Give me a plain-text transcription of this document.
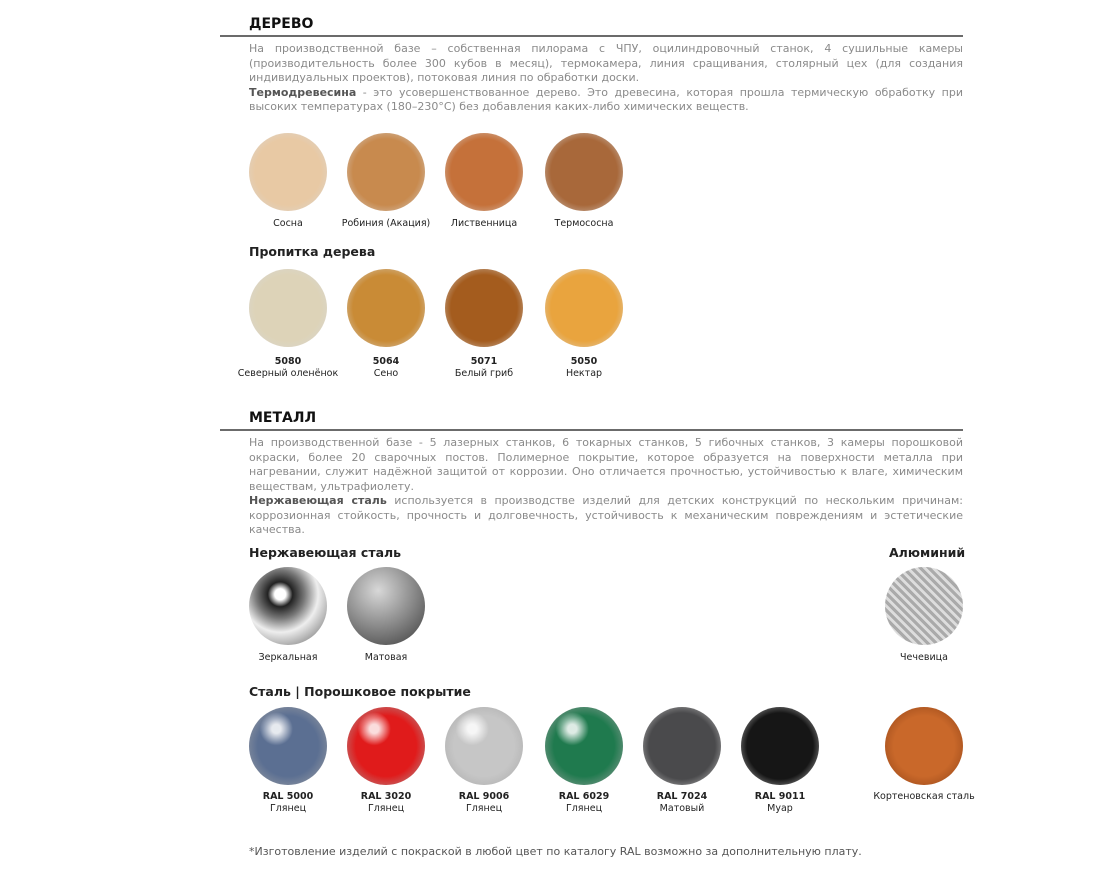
ДЕРЕВО
На производственной базе – собственная пилорама с ЧПУ, оцилиндровочный станок, 4 сушильные камеры (производительность более 300 кубов в месяц), термокамера, линия сращивания, столярный цех (для создания индивидуальных проектов), потоковая линия по обработки доски.
Термодревесина - это усовершенствованное дерево. Это древесина, которая прошла термическую обработку при высоких температурах (180–230°C) без добавления каких-либо химических веществ.
Сосна	Робиния (Акация)	Лиственница	Термососна
Пропитка дерева
5080
Северный оленёнок
5064
Сено
5071
Белый гриб
5050
Нектар
МЕТАЛЛ
На производственной базе - 5 лазерных станков, 6 токарных станков, 5 гибочных станков, 3 камеры порошковой окраски, более 20 сварочных постов. Полимерное покрытие, которое образуется на поверхности металла при нагревании, служит надёжной защитой от коррозии. Оно отличается прочностью, устойчивостью к влаге, химическим веществам, ультрафиолету.
Нержавеющая сталь используется в производстве изделий для детских конструкций по нескольким причинам: коррозионная стойкость, прочность и долговечность, устойчивость к механическим повреждениям и эстетические качества.
Нержавеющая сталь	Алюминий
Зеркальная	Матовая	Чечевица
Сталь | Порошковое покрытие
RAL 5000
Глянец
RAL 3020
Глянец
RAL 9006
Глянец
RAL 6029
Глянец
RAL 7024
Матовый
RAL 9011
Муар
Кортеновская сталь
*Изготовление изделий с покраской в любой цвет по каталогу RAL возможно за дополнительную плату.
